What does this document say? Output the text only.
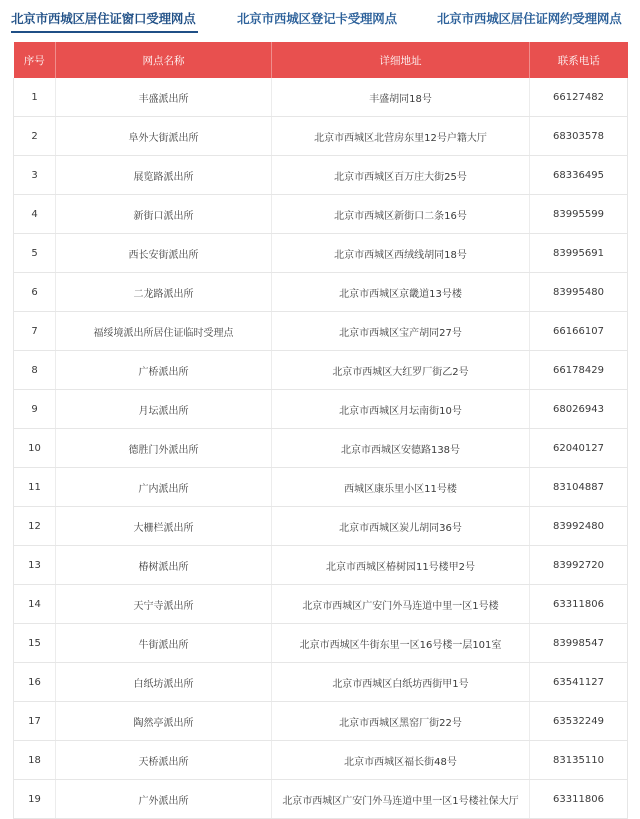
北京市西城区居住证窗口受理网点	北京市西城区登记卡受理网点	北京市西城区居住证网约受理网点
序号	网点名称	详细地址	联系电话
1	丰盛派出所	丰盛胡同18号	66127482
2	阜外大街派出所	北京市西城区北营房东里12号户籍大厅	68303578
3	展览路派出所	北京市西城区百万庄大街25号	68336495
4	新街口派出所	北京市西城区新街口二条16号	83995599
5	西长安街派出所	北京市西城区西绒线胡同18号	83995691
6	二龙路派出所	北京市西城区京畿道13号楼	83995480
7	福绥境派出所居住证临时受理点	北京市西城区宝产胡同27号	66166107
8	广桥派出所	北京市西城区大红罗厂街乙2号	66178429
9	月坛派出所	北京市西城区月坛南街10号	68026943
10	德胜门外派出所	北京市西城区安德路138号	62040127
11	广内派出所	西城区康乐里小区11号楼	83104887
12	大栅栏派出所	北京市西城区炭儿胡同36号	83992480
13	椿树派出所	北京市西城区椿树园11号楼甲2号	83992720
14	天宁寺派出所	北京市西城区广安门外马连道中里一区1号楼	63311806
15	牛街派出所	北京市西城区牛街东里一区16号楼一层101室	83998547
16	白纸坊派出所	北京市西城区白纸坊西街甲1号	63541127
17	陶然亭派出所	北京市西城区黑窑厂街22号	63532249
18	天桥派出所	北京市西城区福长街48号	83135110
19	广外派出所	北京市西城区广安门外马连道中里一区1号楼社保大厅	63311806
